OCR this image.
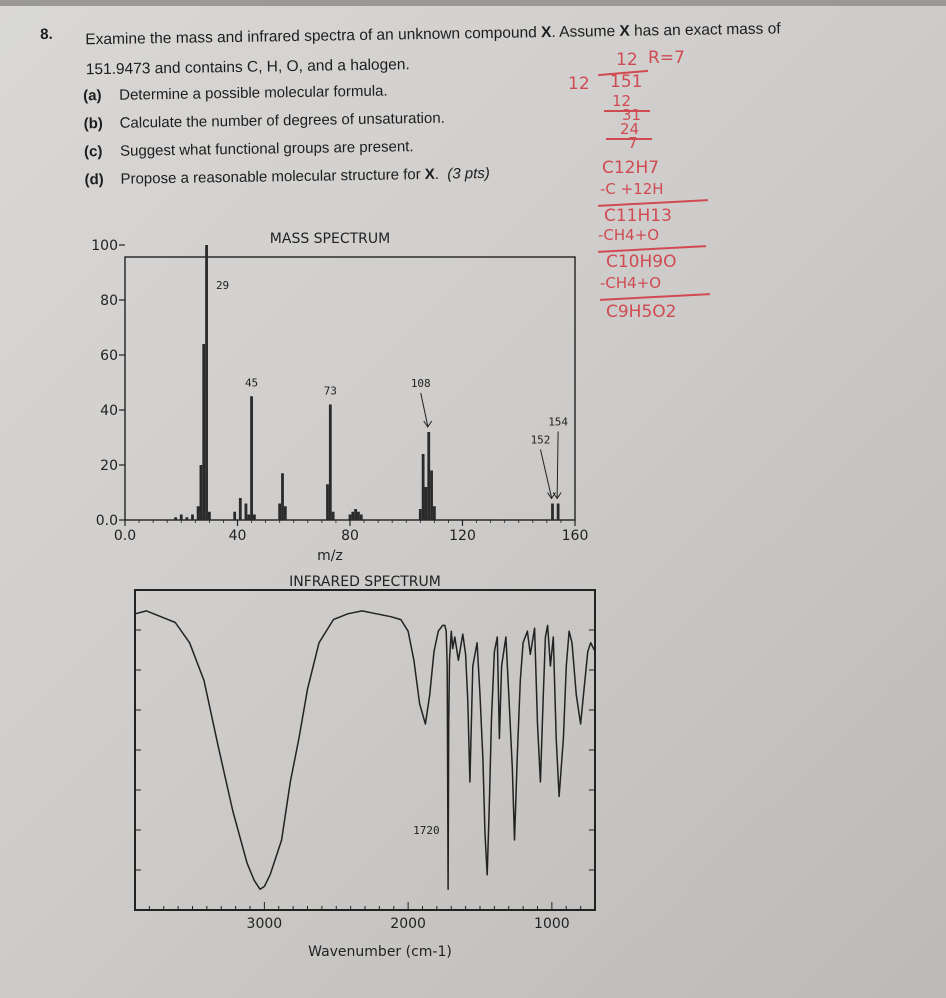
8. Examine the mass and infrared spectra of an unknown compound X. Assume X has an exact mass of
151.9473 and contains C, H, O, and a halogen.
(a)	Determine a possible molecular formula.
(b)	Calculate the number of degrees of unsaturation.
(c)	Suggest what functional groups are present.
(d)	Propose a reasonable molecular structure for X.  (3 pts)
12 R=7
12 151
12
31
24
7
C12H7
-C +12H
C11H13
-CH4+O
C10H9O
-CH4+O
C9H5O2
MASS SPECTRUM
0.0
20
40
60
80
100
0.0	40	80	120	160
m/z
29
45
73
108
152
154
INFRARED SPECTRUM
3000	2000	1000
Wavenumber (cm-1)
1720
